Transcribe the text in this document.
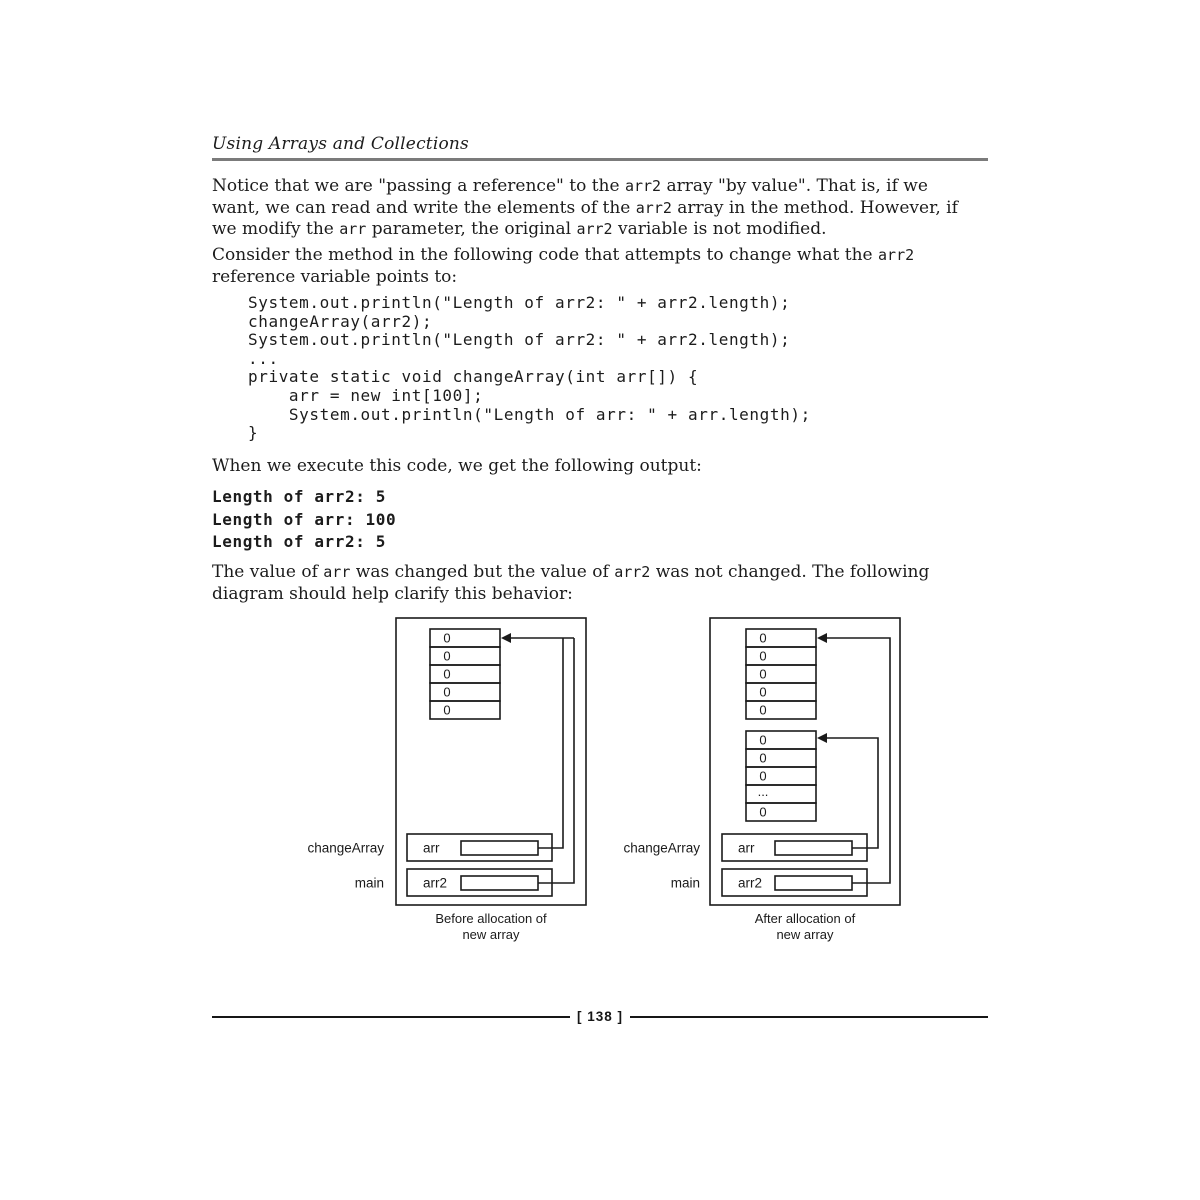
Using Arrays and Collections

Notice that we are "passing a reference" to the arr2 array "by value". That is, if we want, we can read and write the elements of the arr2 array in the method. However, if we modify the arr parameter, the original arr2 variable is not modified.

Consider the method in the following code that attempts to change what the arr2 reference variable points to:

System.out.println("Length of arr2: " + arr2.length);
changeArray(arr2);
System.out.println("Length of arr2: " + arr2.length);
...
private static void changeArray(int arr[]) {
arr = new int[100];
System.out.println("Length of arr: " + arr.length);
}

When we execute this code, we get the following output:

Length of arr2: 5
Length of arr: 100
Length of arr2: 5

The value of arr was changed but the value of arr2 was not changed. The following diagram should help clarify this behavior:

0
0
0
0
0
arr
arr2
changeArray
main
Before allocation of
new array
0
0
0
0
0
0
0
0
...
0
arr
arr2
changeArray
main
After allocation of
new array
[ 138 ]
